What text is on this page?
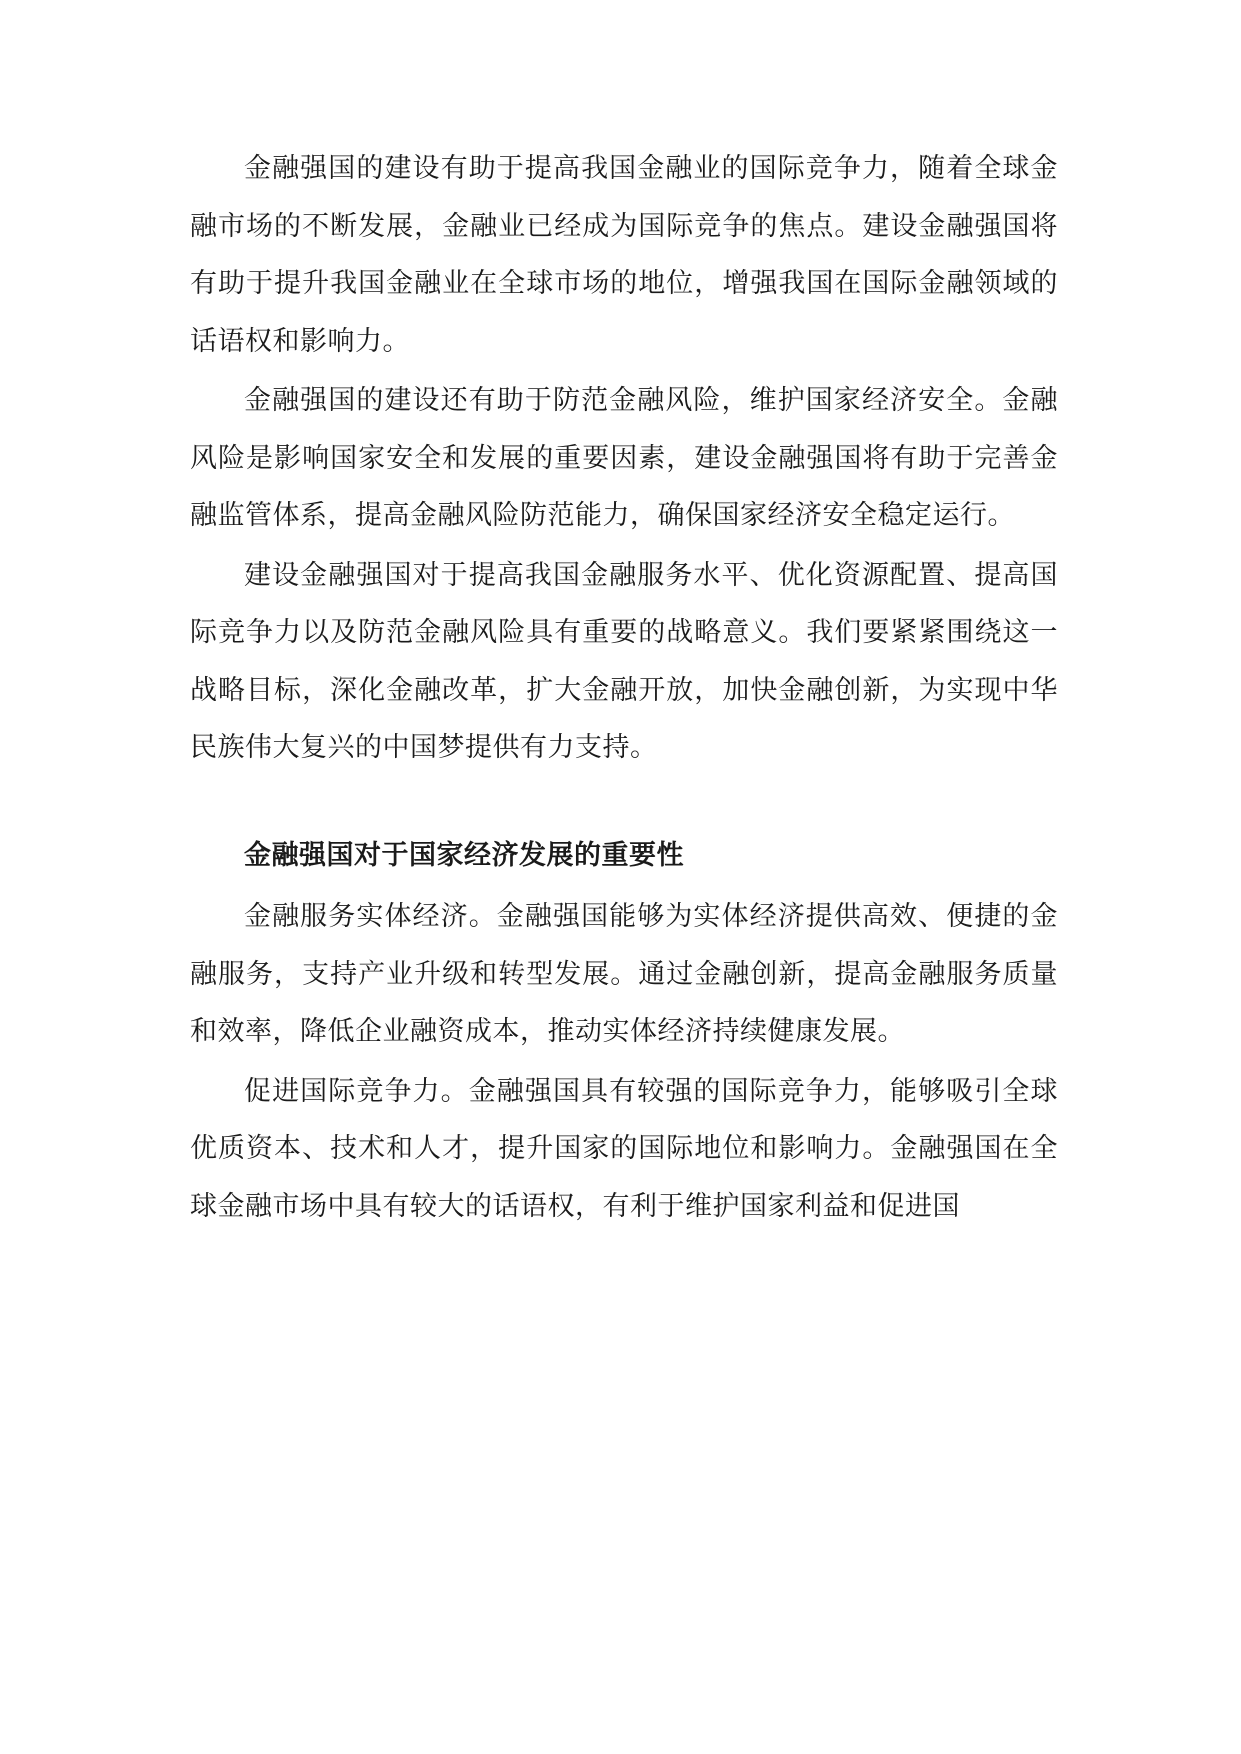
金融强国的建设有助于提高我国金融业的国际竞争力，随着全球金融市场的不断发展，金融业已经成为国际竞争的焦点。建设金融强国将有助于提升我国金融业在全球市场的地位，增强我国在国际金融领域的话语权和影响力。

金融强国的建设还有助于防范金融风险，维护国家经济安全。金融风险是影响国家安全和发展的重要因素，建设金融强国将有助于完善金融监管体系，提高金融风险防范能力，确保国家经济安全稳定运行。

建设金融强国对于提高我国金融服务水平、优化资源配置、提高国际竞争力以及防范金融风险具有重要的战略意义。我们要紧紧围绕这一战略目标，深化金融改革，扩大金融开放，加快金融创新，为实现中华民族伟大复兴的中国梦提供有力支持。

金融强国对于国家经济发展的重要性

金融服务实体经济。金融强国能够为实体经济提供高效、便捷的金融服务，支持产业升级和转型发展。通过金融创新，提高金融服务质量和效率，降低企业融资成本，推动实体经济持续健康发展。

促进国际竞争力。金融强国具有较强的国际竞争力，能够吸引全球优质资本、技术和人才，提升国家的国际地位和影响力。金融强国在全球金融市场中具有较大的话语权，有利于维护国家利益和促进国
